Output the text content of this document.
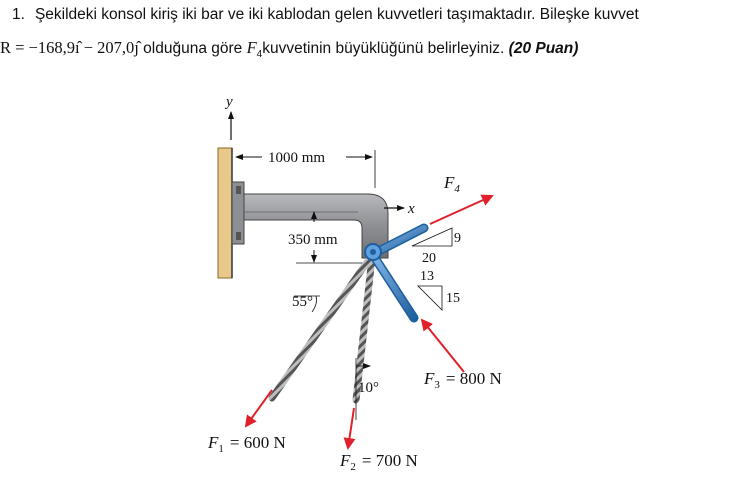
1. Şekildeki konsol kiriş iki bar ve iki kablodan gelen kuvvetleri taşımaktadır. Bileşke kuvvet
R = −168,9ı̂ − 207,0ȷ̂ olduğuna göre $F_4kuvvetinin$ büyüklüğünü belirleyiniz. (20 Puan)
y
1000 mm
x
350 mm
$F_4$
9
20
13
15
$F_3 = 800$ N
55°
$F_1 = 600$ N
10°
$F_2 = 700$ N
